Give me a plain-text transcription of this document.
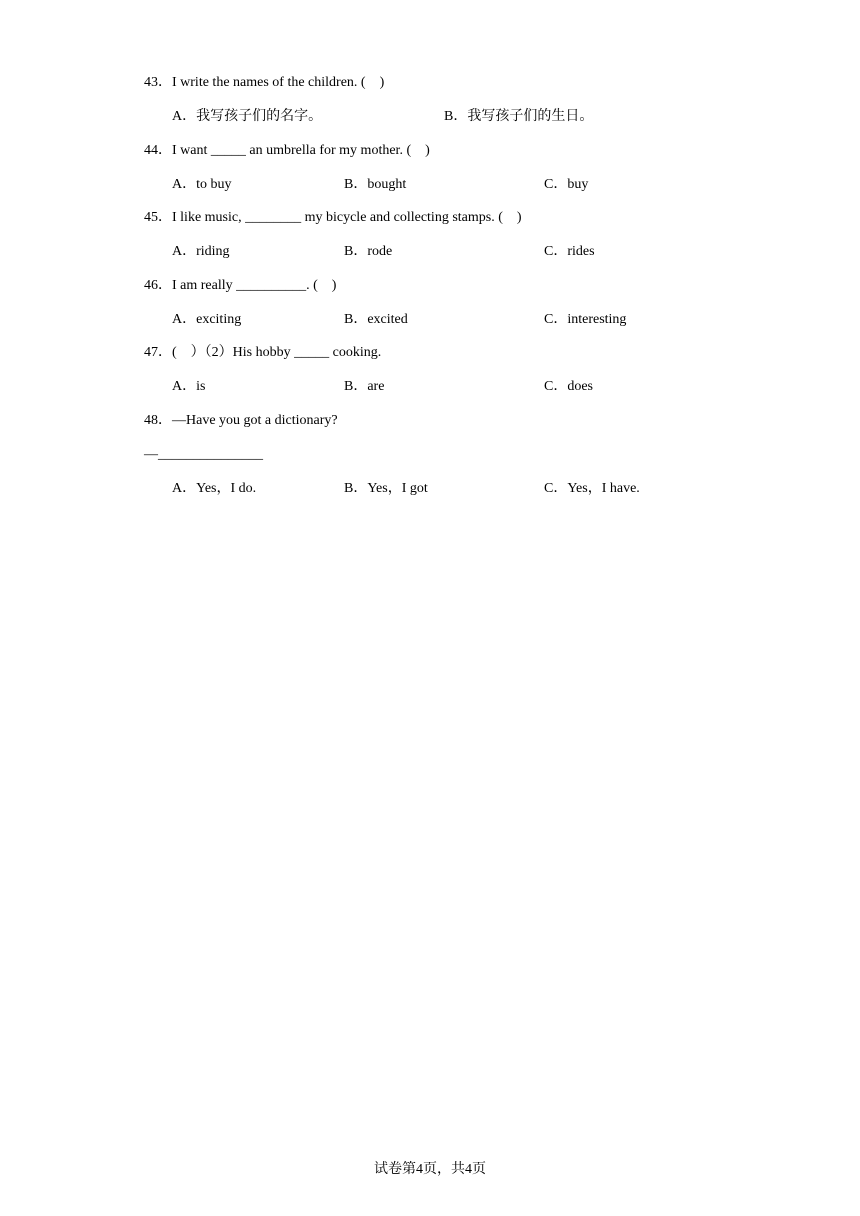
43．I write the names of the children. (    )
A．我写孩子们的名字。	B．我写孩子们的生日。
44．I want _____ an umbrella for my mother. (    )
A．to buy	B．bought	C．buy
45．I like music, ________ my bicycle and collecting stamps. (    )
A．riding	B．rode	C．rides
46．I am really __________. (    )
A．exciting	B．excited	C．interesting
47．(    ）（2）His hobby _____ cooking.
A．is	B．are	C．does
48．—Have you got a dictionary?
—_______________
A．Yes，I do.	B．Yes，I got	C．Yes，I have.
试卷第4页，共4页
